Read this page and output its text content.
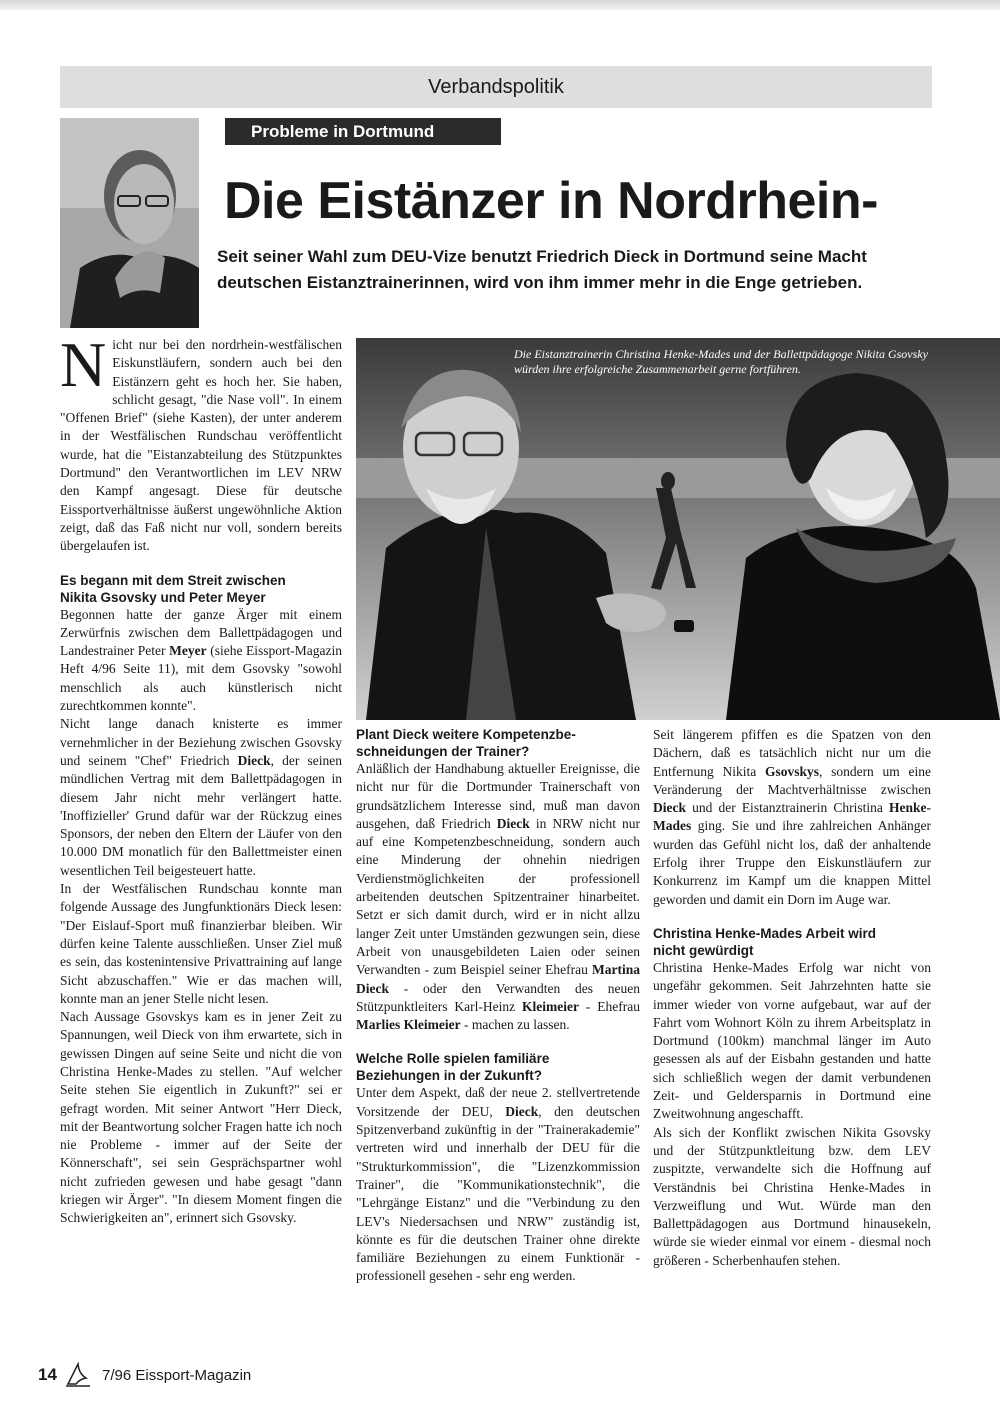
Verbandspolitik
Probleme in Dortmund
Die Eistänzer in Nordrhein-
Seit seiner Wahl zum DEU-Vize benutzt Friedrich Dieck in Dortmund seine Macht
deutschen Eistanztrainerinnen, wird von ihm immer mehr in die Enge getrieben.

Nicht nur bei den nordrhein-westfälischen Eiskunstläufern, sondern auch bei den Eistänzern geht es hoch her. Sie haben, schlicht gesagt, "die Nase voll". In einem "Offenen Brief" (siehe Kasten), der unter anderem in der Westfälischen Rundschau veröffentlicht wurde, hat die "Eistanzabteilung des Stützpunktes Dortmund" den Verantwortlichen im LEV NRW den Kampf angesagt. Diese für deutsche Eissportverhältnisse äußerst ungewöhnliche Aktion zeigt, daß das Faß nicht nur voll, sondern bereits übergelaufen ist.

Es begann mit dem Streit zwischen
Nikita Gsovsky und Peter Meyer

Begonnen hatte der ganze Ärger mit einem Zerwürfnis zwischen dem Ballettpädagogen und Landestrainer Peter Meyer (siehe Eissport-Magazin Heft 4/96 Seite 11), mit dem Gsovsky "sowohl menschlich als auch künstlerisch nicht zurechtkommen konnte".

Nicht lange danach knisterte es immer vernehmlicher in der Beziehung zwischen Gsovsky und seinem "Chef" Friedrich Dieck, der seinen mündlichen Vertrag mit dem Ballettpädagogen in diesem Jahr nicht mehr verlängert hatte. 'Inoffizieller' Grund dafür war der Rückzug eines Sponsors, der neben den Eltern der Läufer von den 10.000 DM monatlich für den Ballettmeister einen wesentlichen Teil beigesteuert hatte.

In der Westfälischen Rundschau konnte man folgende Aussage des Jungfunktionärs Dieck lesen: "Der Eislauf-Sport muß finanzierbar bleiben. Wir dürfen keine Talente ausschließen. Unser Ziel muß es sein, das kostenintensive Privattraining auf lange Sicht abzuschaffen." Wie er das machen will, konnte man an jener Stelle nicht lesen.

Nach Aussage Gsovskys kam es in jener Zeit zu Spannungen, weil Dieck von ihm erwartete, sich in gewissen Dingen auf seine Seite und nicht die von Christina Henke-Mades zu stellen. "Auf welcher Seite stehen Sie eigentlich in Zukunft?" sei er gefragt worden. Mit seiner Antwort "Herr Dieck, mit der Beantwortung solcher Fragen hatte ich noch nie Probleme - immer auf der Seite der Könnerschaft", sei sein Gesprächspartner wohl nicht zufrieden gewesen und habe gesagt "dann kriegen wir Ärger". "In diesem Moment fingen die Schwierigkeiten an", erinnert sich Gsovsky.

Die Eistanztrainerin Christina Henke-Mades und der Ballettpädagoge Nikita Gsovsky würden ihre erfolgreiche Zusammenarbeit gerne fortführen.

Plant Dieck weitere Kompetenzbe-
schneidungen der Trainer?

Anläßlich der Handhabung aktueller Ereignisse, die nicht nur für die Dortmunder Trainerschaft von grundsätzlichem Interesse sind, muß man davon ausgehen, daß Friedrich Dieck in NRW nicht nur auf eine Kompetenzbeschneidung, sondern auch eine Minderung der ohnehin niedrigen Verdienstmöglichkeiten der professionell arbeitenden deutschen Spitzentrainer hinarbeitet. Setzt er sich damit durch, wird er in nicht allzu langer Zeit unter Umständen gezwungen sein, diese Arbeit von unausgebildeten Laien oder seinen Verwandten - zum Beispiel seiner Ehefrau Martina Dieck - oder den Verwandten des neuen Stützpunktleiters Karl-Heinz Kleimeier - Ehefrau Marlies Kleimeier - machen zu lassen.

Welche Rolle spielen familiäre
Beziehungen in der Zukunft?

Unter dem Aspekt, daß der neue 2. stellvertretende Vorsitzende der DEU, Dieck, den deutschen Spitzenverband zukünftig in der "Trainerakademie" vertreten wird und innerhalb der DEU für die "Strukturkommission", die "Lizenzkommission Trainer", die "Kommunikationstechnik", die "Lehrgänge Eistanz" und die "Verbindung zu den LEV's Niedersachsen und NRW" zuständig ist, könnte es für die deutschen Trainer ohne direkte familiäre Beziehungen zu einem Funktionär - professionell gesehen - sehr eng werden.

Seit längerem pfiffen es die Spatzen von den Dächern, daß es tatsächlich nicht nur um die Entfernung Nikita Gsovskys, sondern um eine Veränderung der Machtverhältnisse zwischen Dieck und der Eistanztrainerin Christina Henke-Mades ging. Sie und ihre zahlreichen Anhänger wurden das Gefühl nicht los, daß der anhaltende Erfolg ihrer Truppe den Eiskunstläufern zur Konkurrenz im Kampf um die knappen Mittel geworden und damit ein Dorn im Auge war.

Christina Henke-Mades Arbeit wird
nicht gewürdigt

Christina Henke-Mades Erfolg war nicht von ungefähr gekommen. Seit Jahrzehnten hatte sie immer wieder von vorne aufgebaut, war auf der Fahrt vom Wohnort Köln zu ihrem Arbeitsplatz in Dortmund (100km) manchmal länger im Auto gesessen als auf der Eisbahn gestanden und hatte sich schließlich wegen der damit verbundenen Zeit- und Geldersparnis in Dortmund eine Zweitwohnung angeschafft.

Als sich der Konflikt zwischen Nikita Gsovsky und der Stützpunktleitung bzw. dem LEV zuspitzte, verwandelte sich die Hoffnung auf Verständnis bei Christina Henke-Mades in Verzweiflung und Wut. Würde man den Ballettpädagogen aus Dortmund hinausekeln, würde sie wieder einmal vor einem - diesmal noch größeren - Scherbenhaufen stehen.

14	7/96 Eissport-Magazin
